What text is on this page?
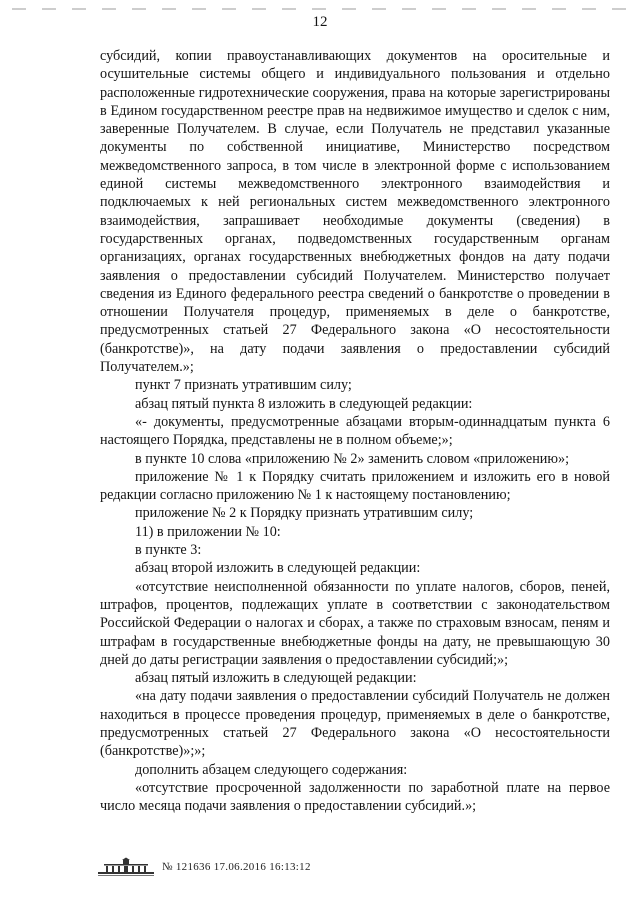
12

субсидий, копии правоустанавливающих документов на оросительные и осушительные системы общего и индивидуального пользования и отдельно расположенные гидротехнические сооружения, права на которые зарегистрированы в Едином государственном реестре прав на недвижимое имущество и сделок с ним, заверенные Получателем. В случае, если Получатель не представил указанные документы по собственной инициативе, Министерство посредством межведомственного запроса, в том числе в электронной форме с использованием единой системы межведомственного электронного взаимодействия и подключаемых к ней региональных систем межведомственного электронного взаимодействия, запрашивает необходимые документы (сведения) в государственных органах, подведомственных государственным органам организациях, органах государственных внебюджетных фондов на дату подачи заявления о предоставлении субсидий Получателем. Министерство получает сведения из Единого федерального реестра сведений о банкротстве о проведении в отношении Получателя процедур, применяемых в деле о банкротстве, предусмотренных статьей 27 Федерального закона «О несостоятельности (банкротстве)», на дату подачи заявления о предоставлении субсидий Получателем.»;

пункт 7 признать утратившим силу;

абзац пятый пункта 8 изложить в следующей редакции:

«- документы, предусмотренные абзацами вторым-одиннадцатым пункта 6 настоящего Порядка, представлены не в полном объеме;»;

в пункте 10 слова «приложению № 2» заменить словом «приложению»;

приложение № 1 к Порядку считать приложением и изложить его в новой редакции согласно приложению № 1 к настоящему постановлению;

приложение № 2 к Порядку признать утратившим силу;

11) в приложении № 10:

в пункте 3:

абзац второй изложить в следующей редакции:

«отсутствие неисполненной обязанности по уплате налогов, сборов, пеней, штрафов, процентов, подлежащих уплате в соответствии с законодательством Российской Федерации о налогах и сборах, а также по страховым взносам, пеням и штрафам в государственные внебюджетные фонды на дату, не превышающую 30 дней до даты регистрации заявления о предоставлении субсидий;»;

абзац пятый изложить в следующей редакции:

«на дату подачи заявления о предоставлении субсидий Получатель не должен находиться в процессе проведения процедур, применяемых в деле о банкротстве, предусмотренных статьей 27 Федерального закона «О несостоятельности (банкротстве)»;»;

дополнить абзацем следующего содержания:

«отсутствие просроченной задолженности по заработной плате на первое число месяца подачи заявления о предоставлении субсидий.»;

№ 121636 17.06.2016 16:13:12
